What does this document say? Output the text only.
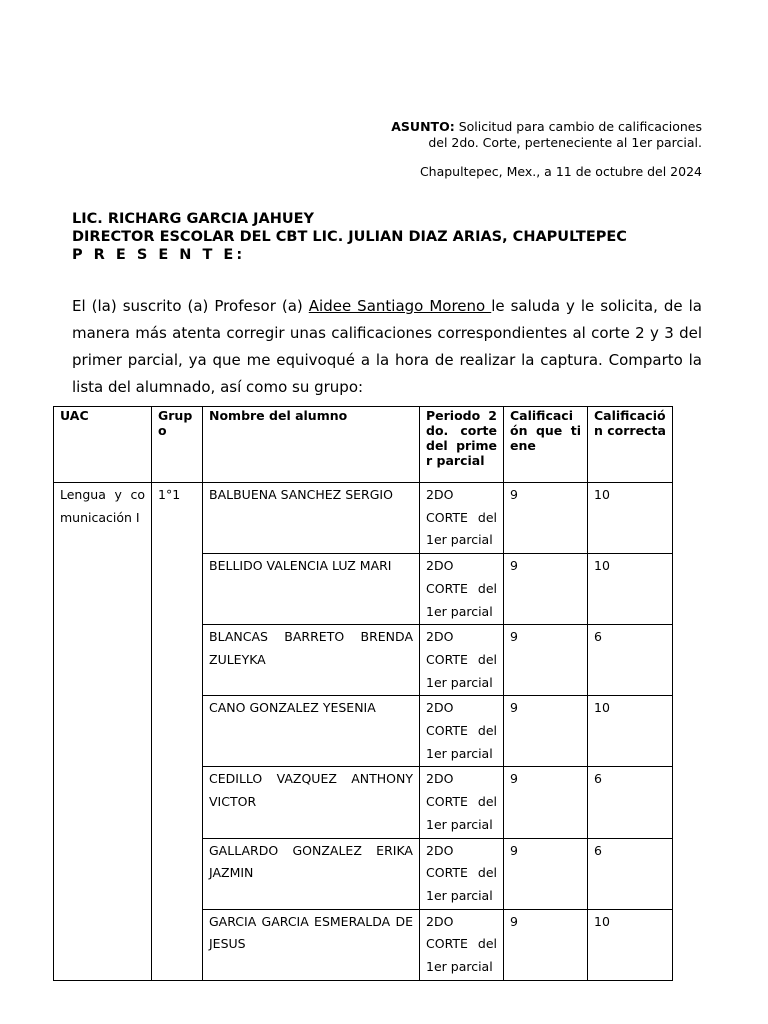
ASUNTO: Solicitud para cambio de calificaciones
del 2do. Corte, perteneciente al 1er parcial.
Chapultepec, Mex., a 11 de octubre del 2024
LIC. RICHARG GARCIA JAHUEY
DIRECTOR ESCOLAR DEL CBT LIC. JULIAN DIAZ ARIAS, CHAPULTEPEC
P R E S E N T E:
El (la) suscrito (a) Profesor (a) Aidee Santiago Moreno le saluda y le solicita, de la manera más atenta corregir unas calificaciones correspondientes al corte 2 y 3 del primer parcial, ya que me equivoqué a la hora de realizar la captura. Comparto la lista del alumnado, así como su grupo:
UAC	Grupo	Nombre del alumno	Periodo 2do. corte del primer parcial	Calificación que tiene	Calificación correcta
Lengua y comunicación I	1°1	BALBUENA SANCHEZ SERGIO	2DO CORTE del 1er parcial	9	10
		BELLIDO VALENCIA LUZ MARI	2DO CORTE del 1er parcial	9	10
		BLANCAS BARRETO BRENDA ZULEYKA	2DO CORTE del 1er parcial	9	6
		CANO GONZALEZ YESENIA	2DO CORTE del 1er parcial	9	10
		CEDILLO VAZQUEZ ANTHONY VICTOR	2DO CORTE del 1er parcial	9	6
		GALLARDO GONZALEZ ERIKA JAZMIN	2DO CORTE del 1er parcial	9	6
		GARCIA GARCIA ESMERALDA DE JESUS	2DO CORTE del 1er parcial	9	10
